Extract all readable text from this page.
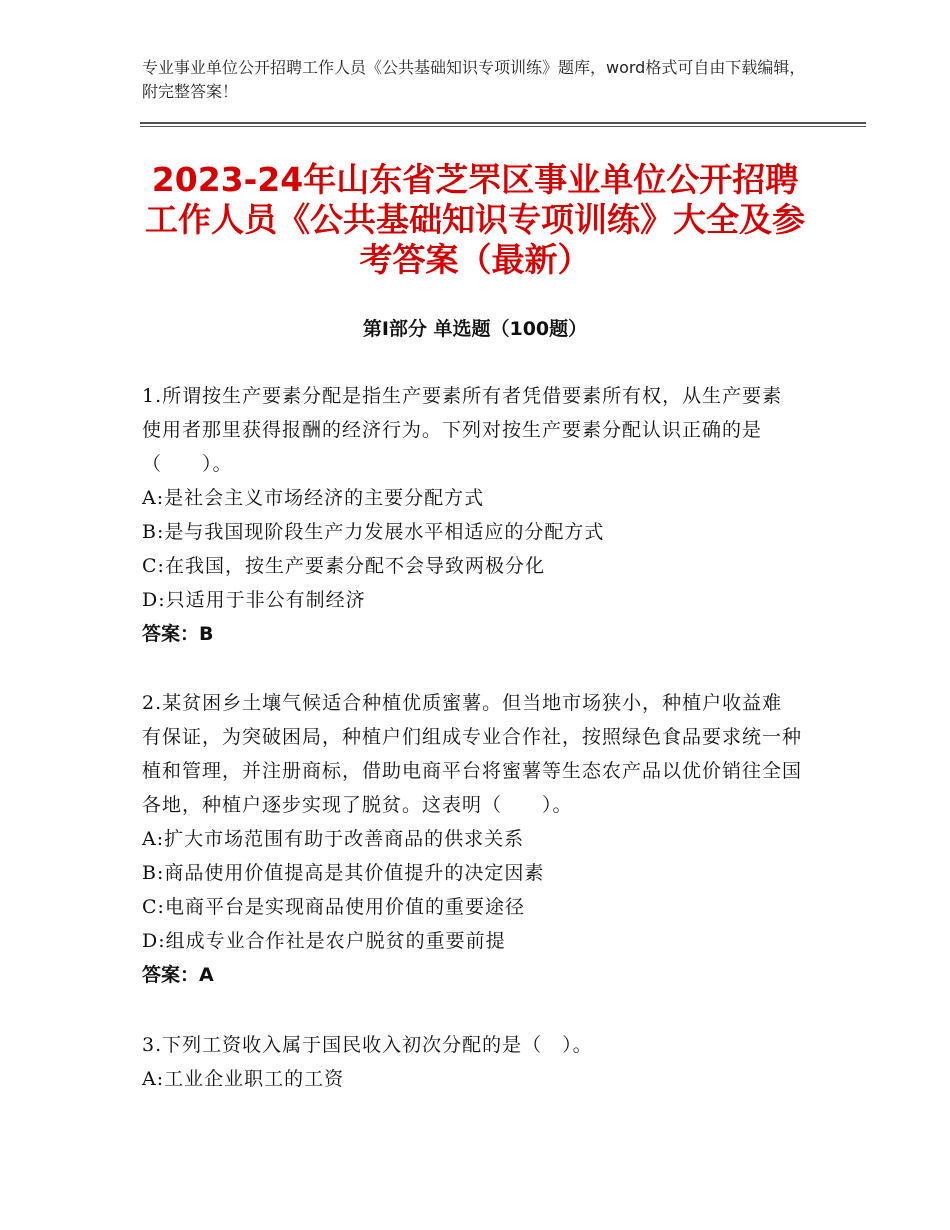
专业事业单位公开招聘工作人员《公共基础知识专项训练》题库，word格式可自由下载编辑，附完整答案！
2023-24年山东省芝罘区事业单位公开招聘工作人员《公共基础知识专项训练》大全及参考答案（最新）
第Ⅰ部分 单选题（100题）

1.所谓按生产要素分配是指生产要素所有者凭借要素所有权，从生产要素使用者那里获得报酬的经济行为。下列对按生产要素分配认识正确的是（　　）。

A:是社会主义市场经济的主要分配方式

B:是与我国现阶段生产力发展水平相适应的分配方式

C:在我国，按生产要素分配不会导致两极分化

D:只适用于非公有制经济

答案：B

2.某贫困乡土壤气候适合种植优质蜜薯。但当地市场狭小，种植户收益难有保证，为突破困局，种植户们组成专业合作社，按照绿色食品要求统一种植和管理，并注册商标，借助电商平台将蜜薯等生态农产品以优价销往全国各地，种植户逐步实现了脱贫。这表明（　　）。

A:扩大市场范围有助于改善商品的供求关系

B:商品使用价值提高是其价值提升的决定因素

C:电商平台是实现商品使用价值的重要途径

D:组成专业合作社是农户脱贫的重要前提

答案：A

3.下列工资收入属于国民收入初次分配的是（　）。

A:工业企业职工的工资
